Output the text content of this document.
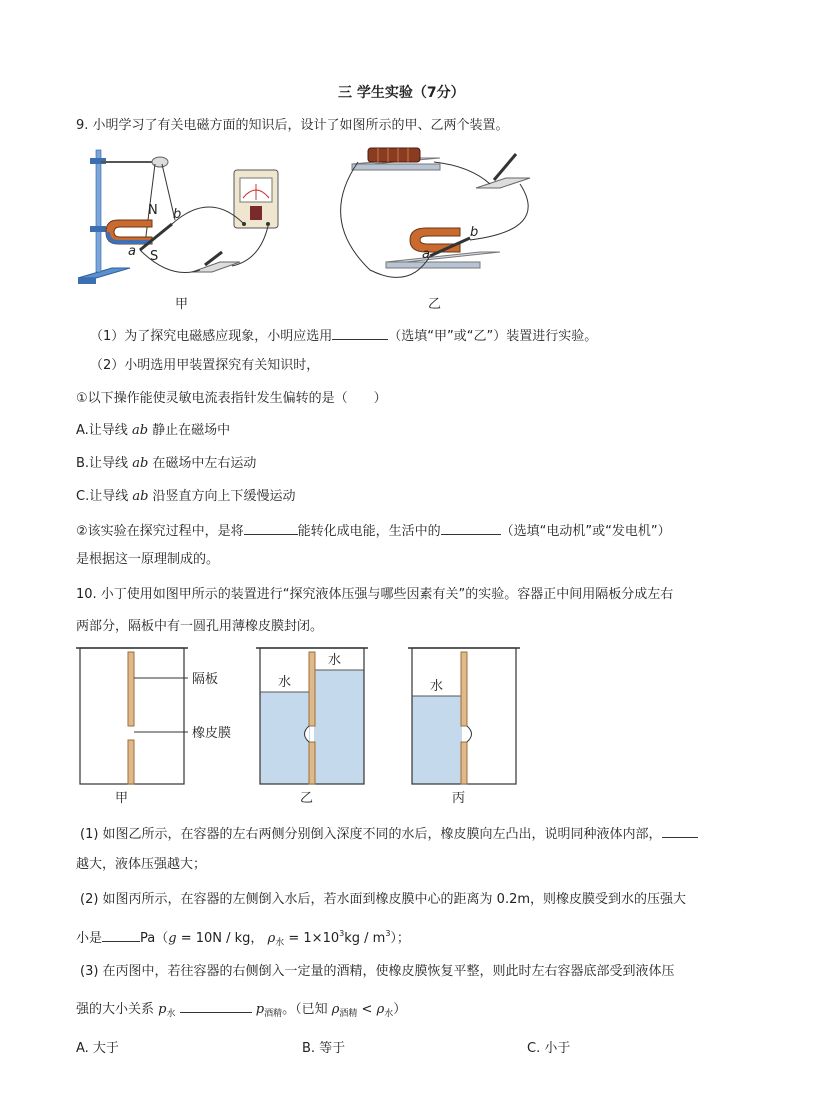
三 学生实验（7分）
9. 小明学习了有关电磁方面的知识后，设计了如图所示的甲、乙两个装置。
N
S
b
a
甲
b
a
乙
（1）为了探究电磁感应现象，小明应选用	（选填“甲”或“乙”）装置进行实验。
（2）小明选用甲装置探究有关知识时，
①以下操作能使灵敏电流表指针发生偏转的是（　　）
A.让导线 ab 静止在磁场中
B.让导线 ab 在磁场中左右运动
C.让导线 ab 沿竖直方向上下缓慢运动
②该实验在探究过程中，是将	能转化成电能，生活中的	（选填“电动机”或“发电机”）
是根据这一原理制成的。
10. 小丁使用如图甲所示的装置进行“探究液体压强与哪些因素有关”的实验。容器正中间用隔板分成左右
两部分，隔板中有一圆孔用薄橡皮膜封闭。
隔板
橡皮膜
甲
水
水
乙
水
丙
(1) 如图乙所示，在容器的左右两侧分别倒入深度不同的水后，橡皮膜向左凸出，说明同种液体内部，
越大，液体压强越大；
(2) 如图丙所示，在容器的左侧倒入水后，若水面到橡皮膜中心的距离为 0.2m，则橡皮膜受到水的压强大
小是	Pa（g = 10N / kg， $\rho_水 = 1\times 10^3kg / m^3$）；
(3) 在丙图中，若往容器的右侧倒入一定量的酒精，使橡皮膜恢复平整，则此时左右容器底部受到液体压
强的大小关系 $p_水$	$p_{酒精}$。（已知 $\rho_{酒精} < \rho_水$）
A. 大于	B. 等于	C. 小于
